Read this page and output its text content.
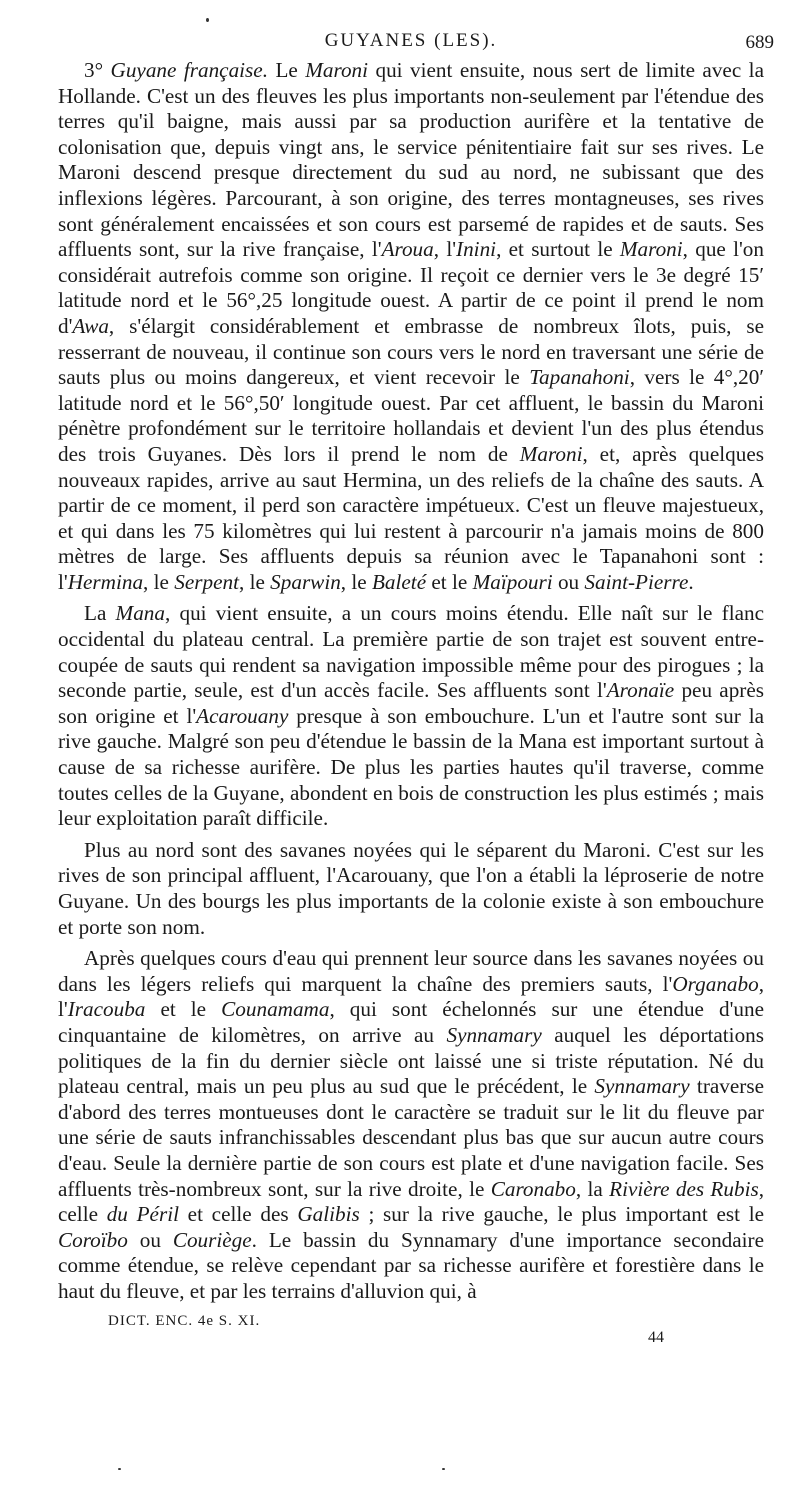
GUYANES (LES).	689

3° Guyane française. Le Maroni qui vient ensuite, nous sert de limite avec la Hollande. C'est un des fleuves les plus importants non-seulement par l'étendue des terres qu'il baigne, mais aussi par sa production aurifère et la tentative de colonisation que, depuis vingt ans, le service pénitentiaire fait sur ses rives. Le Maroni descend presque directement du sud au nord, ne subissant que des inflexions légères. Parcourant, à son origine, des terres montagneuses, ses rives sont généralement encaissées et son cours est parsemé de rapides et de sauts. Ses affluents sont, sur la rive française, l'Aroua, l'Inini, et surtout le Maroni, que l'on considérait autrefois comme son origine. Il reçoit ce dernier vers le 3e degré 15′ latitude nord et le 56°,25 longitude ouest. A partir de ce point il prend le nom d'Awa, s'élargit considérablement et embrasse de nombreux îlots, puis, se resserrant de nouveau, il continue son cours vers le nord en traversant une série de sauts plus ou moins dangereux, et vient recevoir le Tapanahoni, vers le 4°,20′ latitude nord et le 56°,50′ longitude ouest. Par cet affluent, le bassin du Maroni pénètre profondément sur le territoire hollandais et devient l'un des plus étendus des trois Guyanes. Dès lors il prend le nom de Maroni, et, après quelques nouveaux rapides, arrive au saut Hermina, un des reliefs de la chaîne des sauts. A partir de ce moment, il perd son caractère impétueux. C'est un fleuve majestueux, et qui dans les 75 kilomètres qui lui restent à parcourir n'a jamais moins de 800 mètres de large. Ses affluents depuis sa réunion avec le Tapanahoni sont : l'Hermina, le Serpent, le Sparwin, le Baleté et le Maïpouri ou Saint-Pierre.

La Mana, qui vient ensuite, a un cours moins étendu. Elle naît sur le flanc occidental du plateau central. La première partie de son trajet est souvent entre-coupée de sauts qui rendent sa navigation impossible même pour des pirogues ; la seconde partie, seule, est d'un accès facile. Ses affluents sont l'Aronaïe peu après son origine et l'Acarouany presque à son embouchure. L'un et l'autre sont sur la rive gauche. Malgré son peu d'étendue le bassin de la Mana est important surtout à cause de sa richesse aurifère. De plus les parties hautes qu'il traverse, comme toutes celles de la Guyane, abondent en bois de construction les plus estimés ; mais leur exploitation paraît difficile.

Plus au nord sont des savanes noyées qui le séparent du Maroni. C'est sur les rives de son principal affluent, l'Acarouany, que l'on a établi la léproserie de notre Guyane. Un des bourgs les plus importants de la colonie existe à son embouchure et porte son nom.

Après quelques cours d'eau qui prennent leur source dans les savanes noyées ou dans les légers reliefs qui marquent la chaîne des premiers sauts, l'Organabo, l'Iracouba et le Counamama, qui sont échelonnés sur une étendue d'une cinquantaine de kilomètres, on arrive au Synnamary auquel les déportations politiques de la fin du dernier siècle ont laissé une si triste réputation. Né du plateau central, mais un peu plus au sud que le précédent, le Synnamary traverse d'abord des terres montueuses dont le caractère se traduit sur le lit du fleuve par une série de sauts infranchissables descendant plus bas que sur aucun autre cours d'eau. Seule la dernière partie de son cours est plate et d'une navigation facile. Ses affluents très-nombreux sont, sur la rive droite, le Caronabo, la Rivière des Rubis, celle du Péril et celle des Galibis ; sur la rive gauche, le plus important est le Coroïbo ou Couriège. Le bassin du Synnamary d'une importance secondaire comme étendue, se relève cependant par sa richesse aurifère et forestière dans le haut du fleuve, et par les terrains d'alluvion qui, à

DICT. ENC. 4e S. XI.
44
